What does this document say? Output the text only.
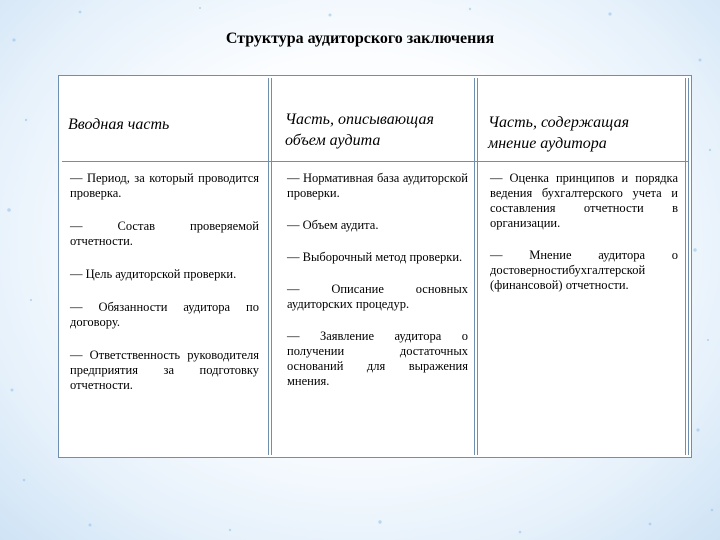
Структура аудиторского заключения
Вводная часть
— Период, за который проводится проверка.
— Состав проверяемой отчетности.
— Цель аудиторской проверки.
— Обязанности аудитора по договору.
— Ответственность руководителя предприятия за подготовку отчетности.
Часть, описывающая объем аудита
— Нормативная база аудиторской проверки.
— Объем аудита.
— Выборочный метод проверки.
— Описание основных аудиторских процедур.
— Заявление аудитора о получении достаточных оснований для выражения мнения.
Часть, содержащая мнение аудитора
— Оценка принципов и порядка ведения бухгалтерского учета и составления отчетности в организации.
— Мнение аудитора о достоверностибухгалтерской (финансовой) отчетности.
